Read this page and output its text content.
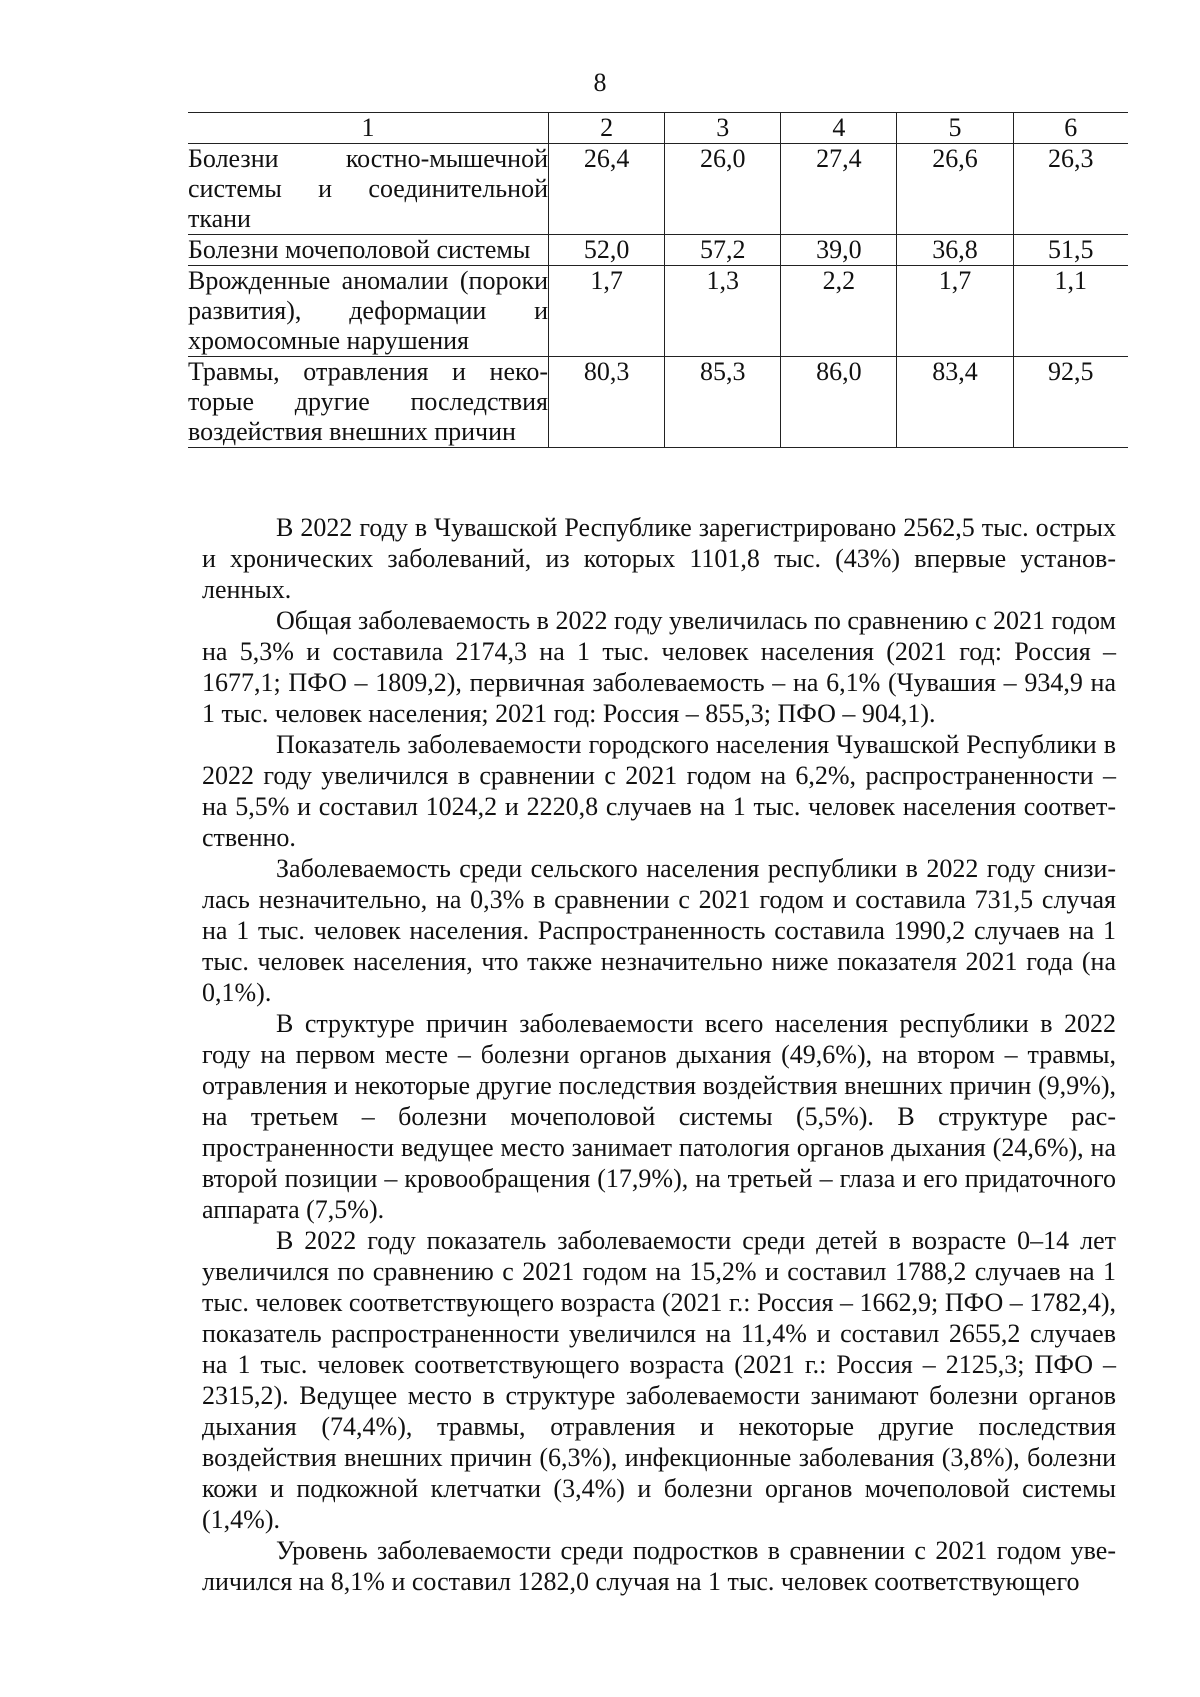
8
1	2	3	4	5	6
Болезни костно-мышечной системы и соединительной ткани	26,4	26,0	27,4	26,6	26,3
Болезни мочеполовой системы	52,0	57,2	39,0	36,8	51,5
Врожденные аномалии (пороки развития), деформации и хромосомные нарушения	1,7	1,3	2,2	1,7	1,1
Травмы, отравления и некоторые другие последствия воздействия внешних причин	80,3	85,3	86,0	83,4	92,5

В 2022 году в Чувашской Республике зарегистрировано 2562,5 тыс. острых и хронических заболеваний, из которых 1101,8 тыс. (43%) впервые установленных.

Общая заболеваемость в 2022 году увеличилась по сравнению с 2021 годом на 5,3% и составила 2174,3 на 1 тыс. человек населения (2021 год: Россия – 1677,1; ПФО – 1809,2), первичная заболеваемость – на 6,1% (Чувашия – 934,9 на 1 тыс. человек населения; 2021 год: Россия – 855,3; ПФО – 904,1).

Показатель заболеваемости городского населения Чувашской Республики в 2022 году увеличился в сравнении с 2021 годом на 6,2%, распространенности – на 5,5% и составил 1024,2 и 2220,8 случаев на 1 тыс. человек населения соответственно.

Заболеваемость среди сельского населения республики в 2022 году снизилась незначительно, на 0,3% в сравнении с 2021 годом и составила 731,5 случая на 1 тыс. человек населения. Распространенность составила 1990,2 случаев на 1 тыс. человек населения, что также незначительно ниже показателя 2021 года (на 0,1%).

В структуре причин заболеваемости всего населения республики в 2022 году на первом месте – болезни органов дыхания (49,6%), на втором – травмы, отравления и некоторые другие последствия воздействия внешних причин (9,9%), на третьем – болезни мочеполовой системы (5,5%). В структуре распространенности ведущее место занимает патология органов дыхания (24,6%), на второй позиции – кровообращения (17,9%), на третьей – глаза и его придаточного аппарата (7,5%).

В 2022 году показатель заболеваемости среди детей в возрасте 0–14 лет увеличился по сравнению с 2021 годом на 15,2% и составил 1788,2 случаев на 1 тыс. человек соответствующего возраста (2021 г.: Россия – 1662,9; ПФО – 1782,4), показатель распространенности увеличился на 11,4% и составил 2655,2 случаев на 1 тыс. человек соответствующего возраста (2021 г.: Россия – 2125,3; ПФО – 2315,2). Ведущее место в структуре заболеваемости занимают болезни органов дыхания (74,4%), травмы, отравления и некоторые другие последствия воздействия внешних причин (6,3%), инфекционные заболевания (3,8%), болезни кожи и подкожной клетчатки (3,4%) и болезни органов мочеполовой системы (1,4%).

Уровень заболеваемости среди подростков в сравнении с 2021 годом увеличился на 8,1% и составил 1282,0 случая на 1 тыс. человек соответствующего
